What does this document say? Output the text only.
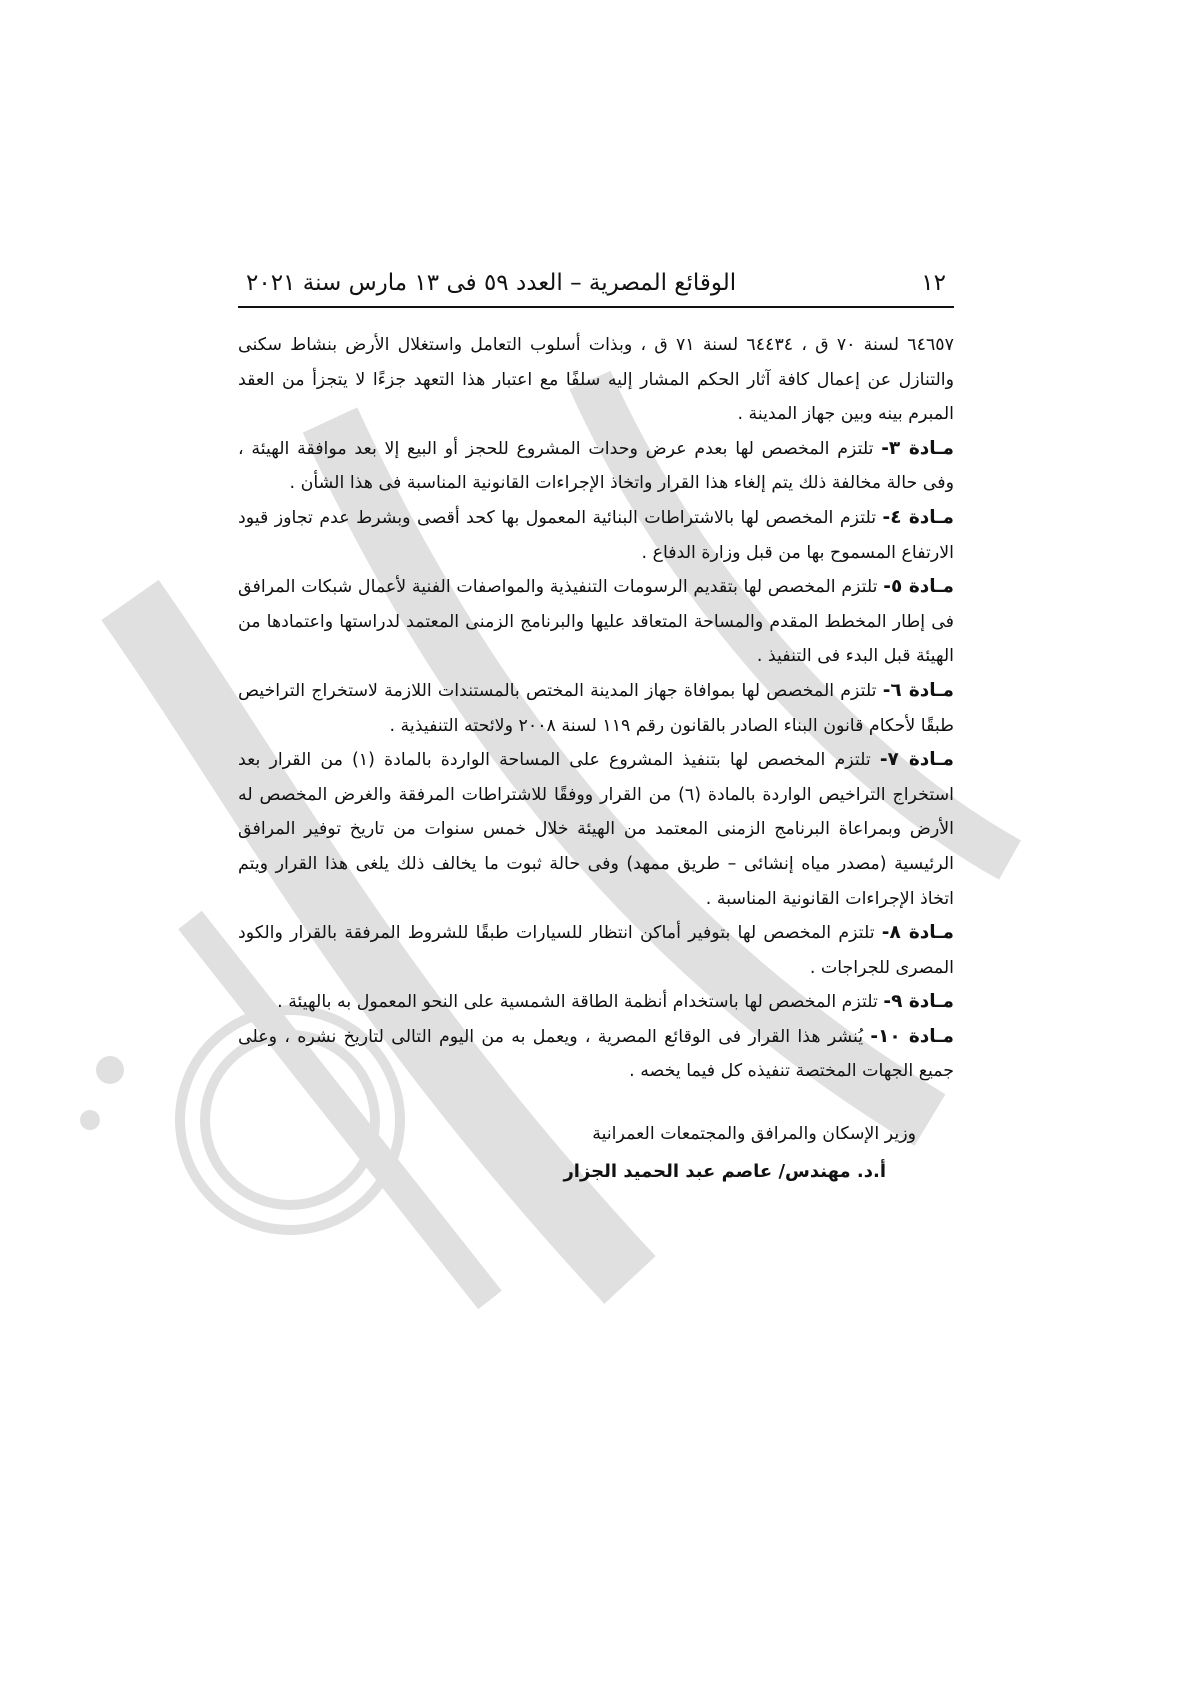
١٢
الوقائع المصرية – العدد ٥٩ فى ١٣ مارس سنة ٢٠٢١

٦٤٦٥٧ لسنة ٧٠ ق ، ٦٤٤٣٤ لسنة ٧١ ق ، وبذات أسلوب التعامل واستغلال الأرض بنشاط سكنى والتنازل عن إعمال كافة آثار الحكم المشار إليه سلفًا مع اعتبار هذا التعهد جزءًا لا يتجزأ من العقد المبرم بينه وبين جهاز المدينة .

مـادة ٣- تلتزم المخصص لها بعدم عرض وحدات المشروع للحجز أو البيع إلا بعد موافقة الهيئة ، وفى حالة مخالفة ذلك يتم إلغاء هذا القرار واتخاذ الإجراءات القانونية المناسبة فى هذا الشأن .

مـادة ٤- تلتزم المخصص لها بالاشتراطات البنائية المعمول بها كحد أقصى وبشرط عدم تجاوز قيود الارتفاع المسموح بها من قبل وزارة الدفاع .

مـادة ٥- تلتزم المخصص لها بتقديم الرسومات التنفيذية والمواصفات الفنية لأعمال شبكات المرافق فى إطار المخطط المقدم والمساحة المتعاقد عليها والبرنامج الزمنى المعتمد لدراستها واعتمادها من الهيئة قبل البدء فى التنفيذ .

مـادة ٦- تلتزم المخصص لها بموافاة جهاز المدينة المختص بالمستندات اللازمة لاستخراج التراخيص طبقًا لأحكام قانون البناء الصادر بالقانون رقم ١١٩ لسنة ٢٠٠٨ ولائحته التنفيذية .

مـادة ٧- تلتزم المخصص لها بتنفيذ المشروع على المساحة الواردة بالمادة (١) من القرار بعد استخراج التراخيص الواردة بالمادة (٦) من القرار ووفقًا للاشتراطات المرفقة والغرض المخصص له الأرض وبمراعاة البرنامج الزمنى المعتمد من الهيئة خلال خمس سنوات من تاريخ توفير المرافق الرئيسية (مصدر مياه إنشائى – طريق ممهد) وفى حالة ثبوت ما يخالف ذلك يلغى هذا القرار ويتم اتخاذ الإجراءات القانونية المناسبة .

مـادة ٨- تلتزم المخصص لها بتوفير أماكن انتظار للسيارات طبقًا للشروط المرفقة بالقرار والكود المصرى للجراجات .

مـادة ٩- تلتزم المخصص لها باستخدام أنظمة الطاقة الشمسية على النحو المعمول به بالهيئة .

مـادة ١٠- يُنشر هذا القرار فى الوقائع المصرية ، ويعمل به من اليوم التالى لتاريخ نشره ، وعلى جميع الجهات المختصة تنفيذه كل فيما يخصه .

وزير الإسكان والمرافق والمجتمعات العمرانية
أ.د. مهندس/ عاصم عبد الحميد الجزار
